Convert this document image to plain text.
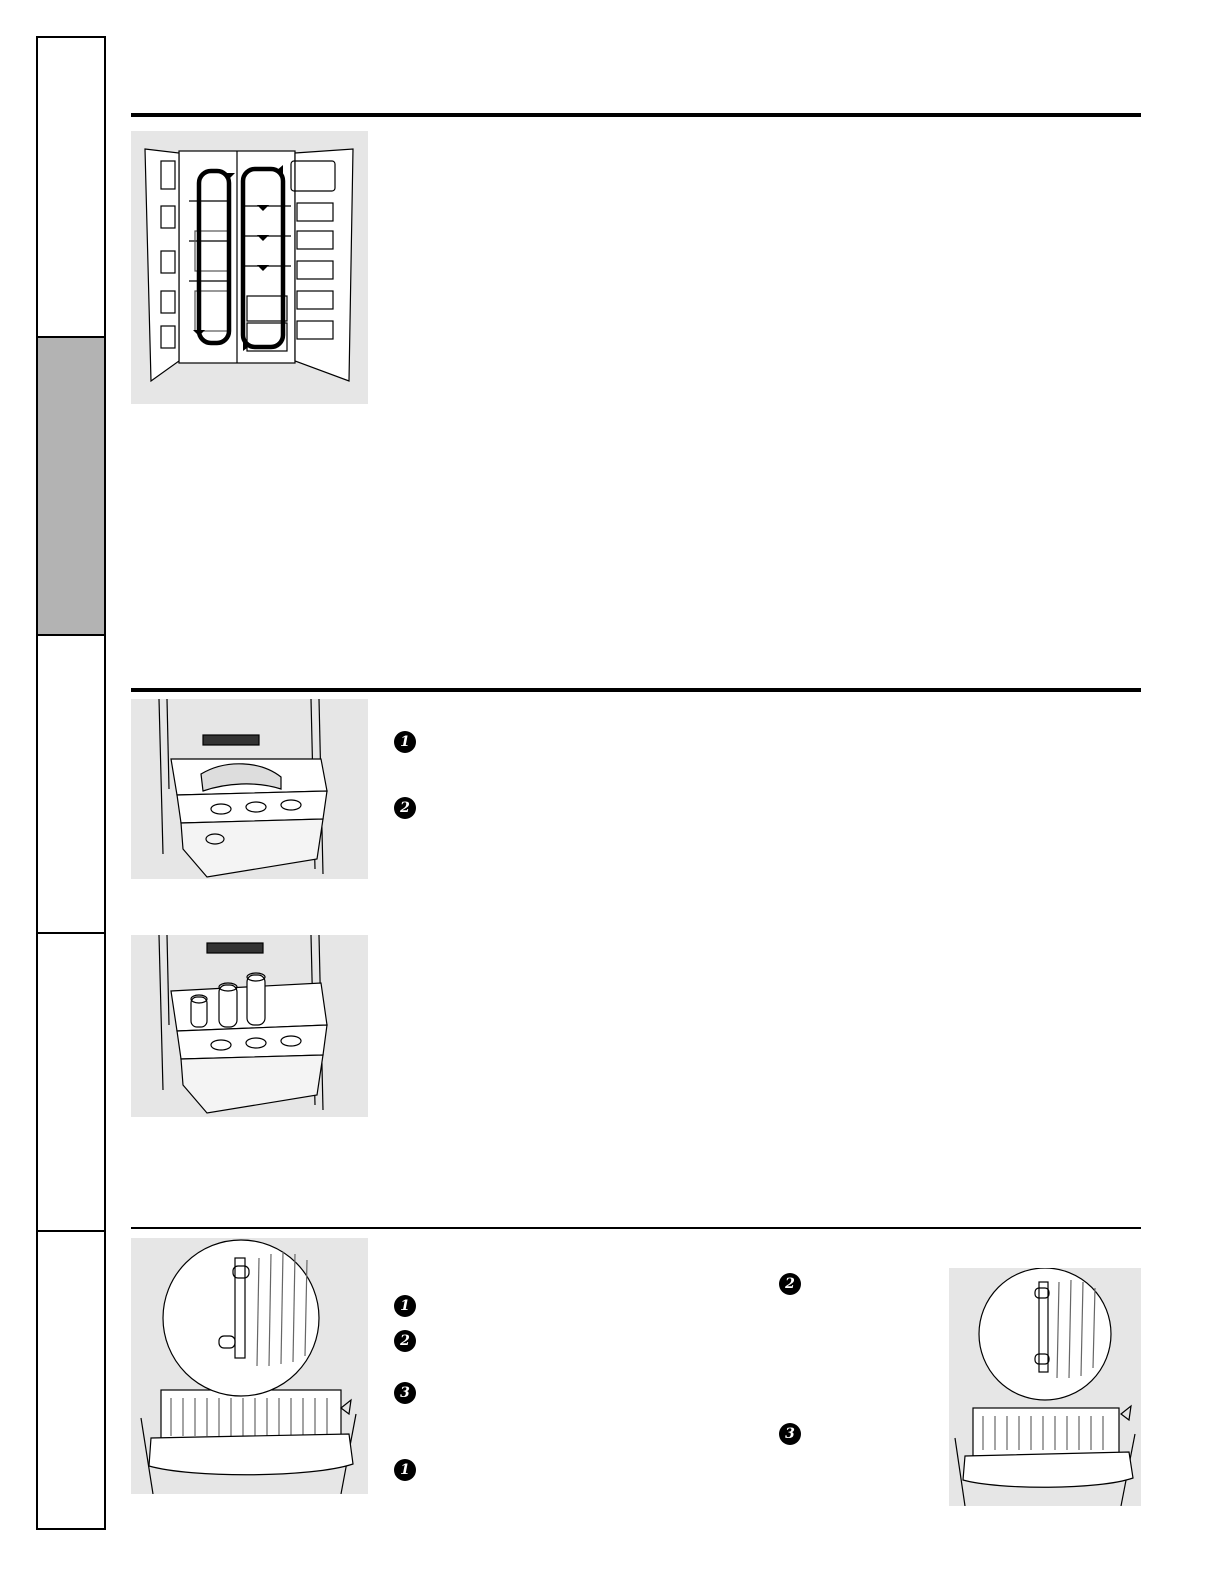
1
2
1
2
3
1
2
3
